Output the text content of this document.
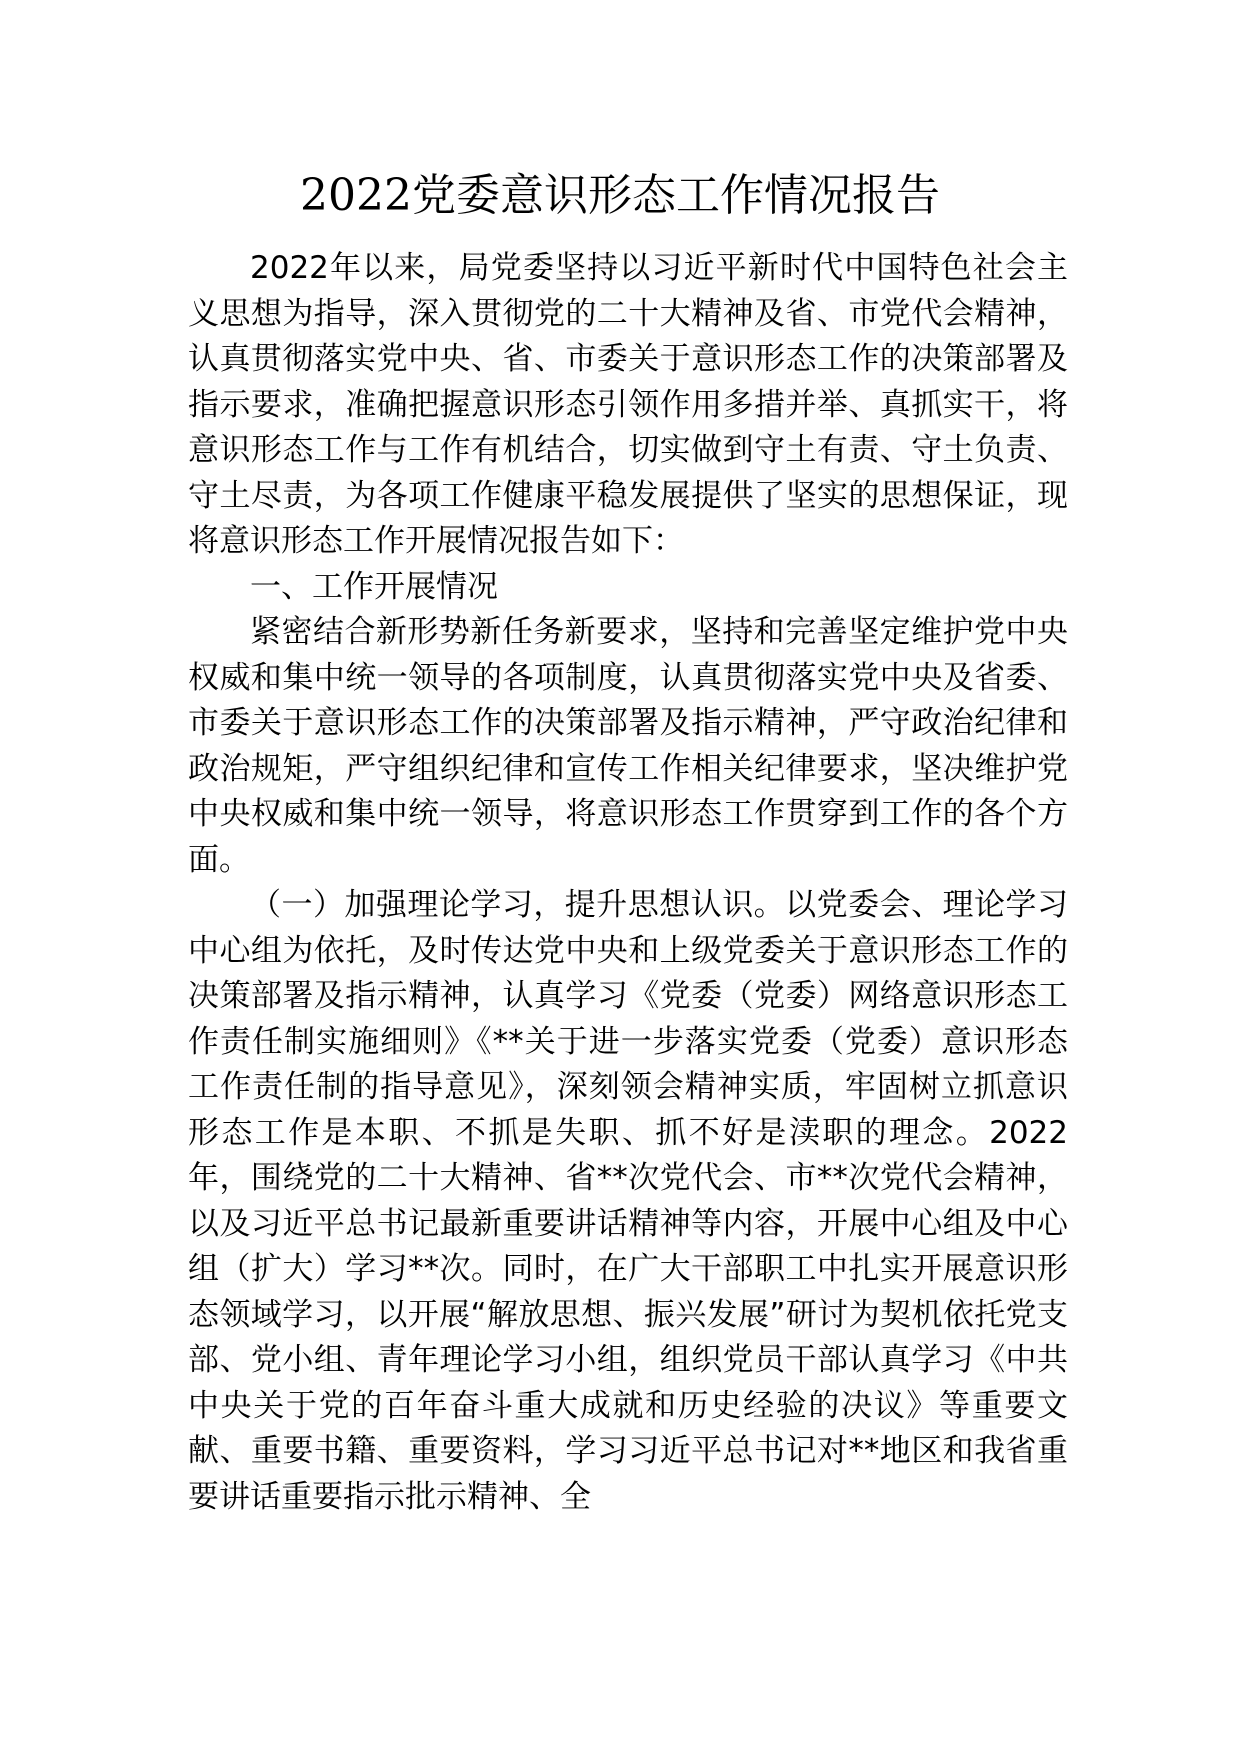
2022党委意识形态工作情况报告

2022年以来，局党委坚持以习近平新时代中国特色社会主义思想为指导，深入贯彻党的二十大精神及省、市党代会精神，认真贯彻落实党中央、省、市委关于意识形态工作的决策部署及指示要求，准确把握意识形态引领作用多措并举、真抓实干，将意识形态工作与工作有机结合，切实做到守土有责、守土负责、守土尽责，为各项工作健康平稳发展提供了坚实的思想保证，现将意识形态工作开展情况报告如下：

一、工作开展情况

紧密结合新形势新任务新要求，坚持和完善坚定维护党中央权威和集中统一领导的各项制度，认真贯彻落实党中央及省委、市委关于意识形态工作的决策部署及指示精神，严守政治纪律和政治规矩，严守组织纪律和宣传工作相关纪律要求，坚决维护党中央权威和集中统一领导，将意识形态工作贯穿到工作的各个方面。

（一）加强理论学习，提升思想认识。以党委会、理论学习中心组为依托，及时传达党中央和上级党委关于意识形态工作的决策部署及指示精神，认真学习《党委（党委）网络意识形态工作责任制实施细则》《**关于进一步落实党委（党委）意识形态工作责任制的指导意见》，深刻领会精神实质，牢固树立抓意识形态工作是本职、不抓是失职、抓不好是渎职的理念。2022年，围绕党的二十大精神、省**次党代会、市**次党代会精神，以及习近平总书记最新重要讲话精神等内容，开展中心组及中心组（扩大）学习**次。同时，在广大干部职工中扎实开展意识形态领域学习，以开展“解放思想、振兴发展”研讨为契机依托党支部、党小组、青年理论学习小组，组织党员干部认真学习《中共中央关于党的百年奋斗重大成就和历史经验的决议》等重要文献、重要书籍、重要资料，学习习近平总书记对**地区和我省重要讲话重要指示批示精神、全
